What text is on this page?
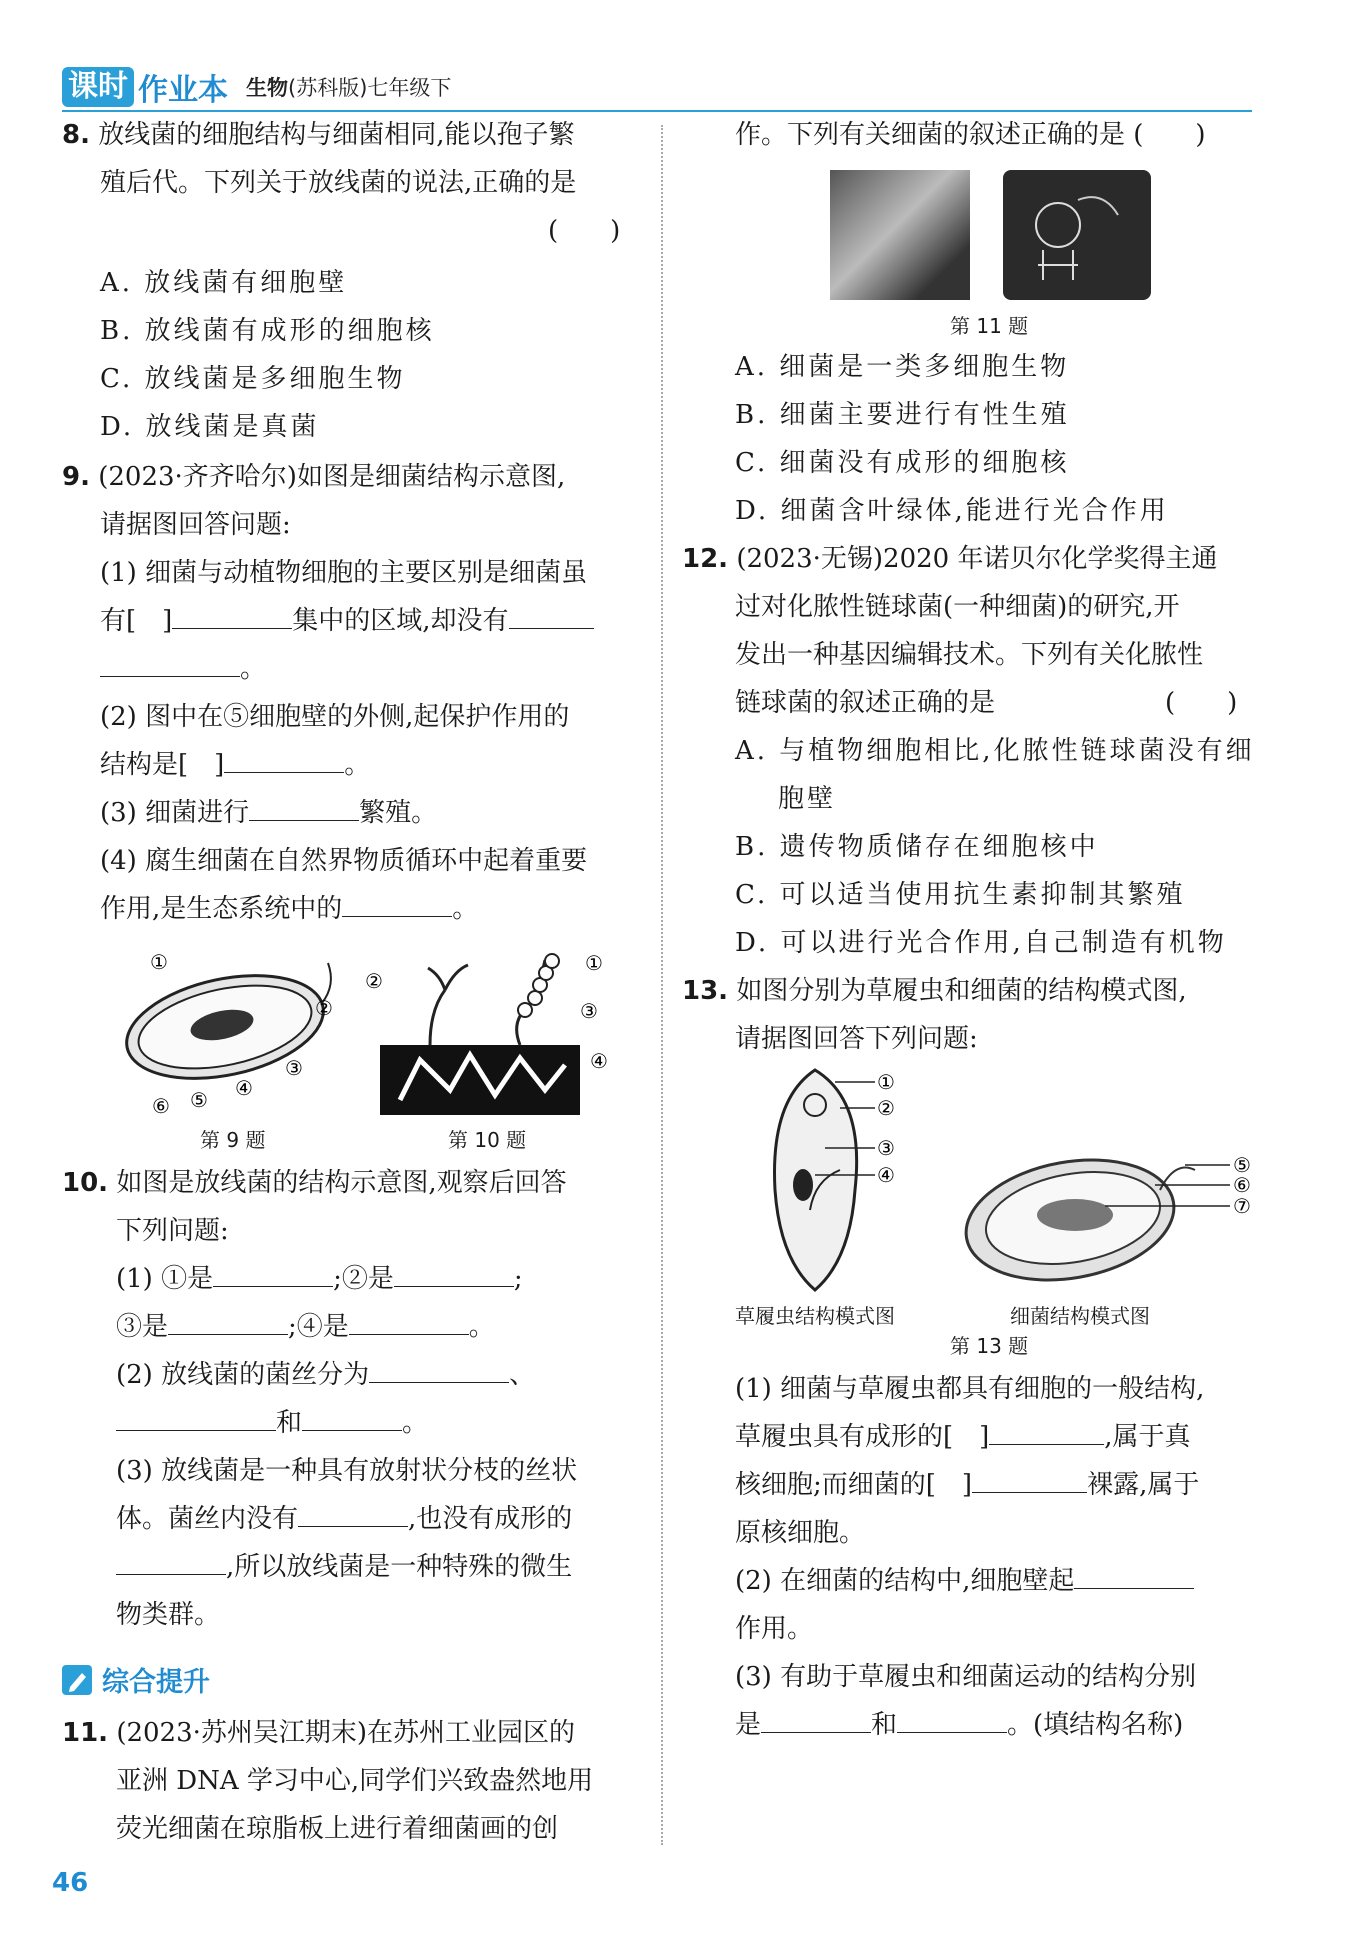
课时 作业本 生物(苏科版)七年级下
8. 放线菌的细胞结构与细菌相同,能以孢子繁
殖后代。下列关于放线菌的说法,正确的是
(　　)
A. 放线菌有细胞壁
B. 放线菌有成形的细胞核
C. 放线菌是多细胞生物
D. 放线菌是真菌
9. (2023·齐齐哈尔)如图是细菌结构示意图,
请据图回答问题:
(1) 细菌与动植物细胞的主要区别是细菌虽
有[　]	集中的区域,却没有
。
(2) 图中在⑤细胞壁的外侧,起保护作用的
结构是[　]	。
(3) 细菌进行	繁殖。
(4) 腐生细菌在自然界物质循环中起着重要
作用,是生态系统中的	。
①
②
③
④
⑤
⑥
第 9 题
①
②
③
④
第 10 题
10. 如图是放线菌的结构示意图,观察后回答
下列问题:
(1) ①是	;②是	;
③是	;④是	。
(2) 放线菌的菌丝分为	、
和	。
(3) 放线菌是一种具有放射状分枝的丝状
体。菌丝内没有	,也没有成形的
,所以放线菌是一种特殊的微生
物类群。
综合提升
11. (2023·苏州吴江期末)在苏州工业园区的
亚洲 DNA 学习中心,同学们兴致盎然地用
荧光细菌在琼脂板上进行着细菌画的创
作。下列有关细菌的叙述正确的是 (　　)
第 11 题
A. 细菌是一类多细胞生物
B. 细菌主要进行有性生殖
C. 细菌没有成形的细胞核
D. 细菌含叶绿体,能进行光合作用
12. (2023·无锡)2020 年诺贝尔化学奖得主通
过对化脓性链球菌(一种细菌)的研究,开
发出一种基因编辑技术。下列有关化脓性
链球菌的叙述正确的是	(　　)
A. 与植物细胞相比,化脓性链球菌没有细
胞壁
B. 遗传物质储存在细胞核中
C. 可以适当使用抗生素抑制其繁殖
D. 可以进行光合作用,自己制造有机物
13. 如图分别为草履虫和细菌的结构模式图,
请据图回答下列问题:
①
②
③
④	⑤
⑥
⑦
草履虫结构模式图	细菌结构模式图
第 13 题
(1) 细菌与草履虫都具有细胞的一般结构,
草履虫具有成形的[　]	,属于真
核细胞;而细菌的[　]	裸露,属于
原核细胞。
(2) 在细菌的结构中,细胞壁起
作用。
(3) 有助于草履虫和细菌运动的结构分别
是	和	。(填结构名称)
46
